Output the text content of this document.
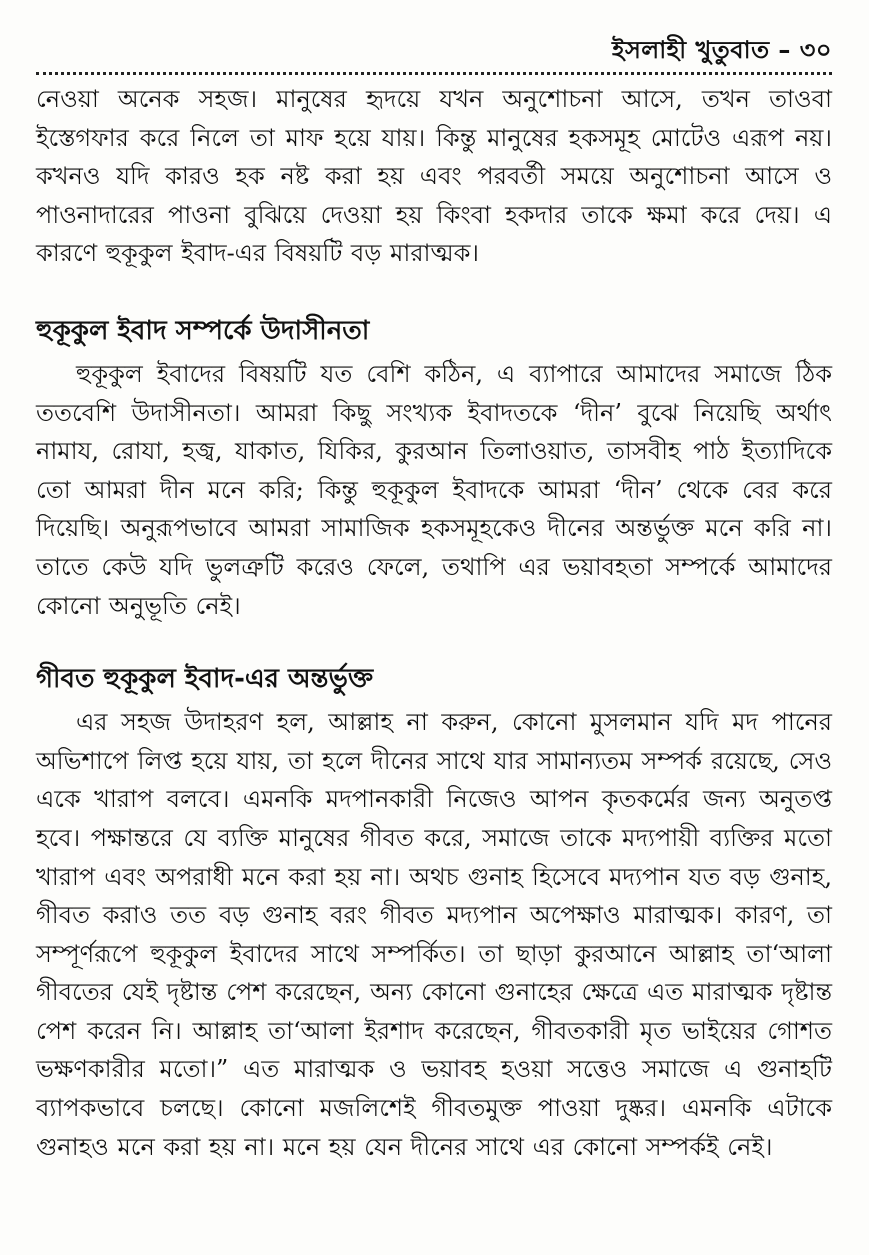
ইসলাহী খুতুবাত – ৩০

নেওয়া অনেক সহজ। মানুষের হৃদয়ে যখন অনুশোচনা আসে, তখন তাওবা ইস্তেগফার করে নিলে তা মাফ হয়ে যায়। কিন্তু মানুষের হকসমূহ মোটেও এরূপ নয়। কখনও যদি কারও হক নষ্ট করা হয় এবং পরবর্তী সময়ে অনুশোচনা আসে ও পাওনাদারের পাওনা বুঝিয়ে দেওয়া হয় কিংবা হকদার তাকে ক্ষমা করে দেয়। এ কারণে হুকূকুল ইবাদ-এর বিষয়টি বড় মারাত্মক।

হুকূকুল ইবাদ সম্পর্কে উদাসীনতা

হুকূকুল ইবাদের বিষয়টি যত বেশি কঠিন, এ ব্যাপারে আমাদের সমাজে ঠিক ততবেশি উদাসীনতা। আমরা কিছু সংখ্যক ইবাদতকে ‘দীন’ বুঝে নিয়েছি অর্থাৎ নামায, রোযা, হজ্ব, যাকাত, যিকির, কুরআন তিলাওয়াত, তাসবীহ পাঠ ইত্যাদিকে তো আমরা দীন মনে করি; কিন্তু হুকূকুল ইবাদকে আমরা ‘দীন’ থেকে বের করে দিয়েছি। অনুরূপভাবে আমরা সামাজিক হকসমূহকেও দীনের অন্তর্ভুক্ত মনে করি না। তাতে কেউ যদি ভুলত্রুটি করেও ফেলে, তথাপি এর ভয়াবহতা সম্পর্কে আমাদের কোনো অনুভূতি নেই।

গীবত হুকূকুল ইবাদ-এর অন্তর্ভুক্ত

এর সহজ উদাহরণ হল, আল্লাহ না করুন, কোনো মুসলমান যদি মদ পানের অভিশাপে লিপ্ত হয়ে যায়, তা হলে দীনের সাথে যার সামান্যতম সম্পর্ক রয়েছে, সেও একে খারাপ বলবে। এমনকি মদপানকারী নিজেও আপন কৃতকর্মের জন্য অনুতপ্ত হবে। পক্ষান্তরে যে ব্যক্তি মানুষের গীবত করে, সমাজে তাকে মদ্যপায়ী ব্যক্তির মতো খারাপ এবং অপরাধী মনে করা হয় না। অথচ গুনাহ হিসেবে মদ্যপান যত বড় গুনাহ, গীবত করাও তত বড় গুনাহ বরং গীবত মদ্যপান অপেক্ষাও মারাত্মক। কারণ, তা সম্পূর্ণরূপে হুকূকুল ইবাদের সাথে সম্পর্কিত। তা ছাড়া কুরআনে আল্লাহ তা‘আলা গীবতের যেই দৃষ্টান্ত পেশ করেছেন, অন্য কোনো গুনাহের ক্ষেত্রে এত মারাত্মক দৃষ্টান্ত পেশ করেন নি। আল্লাহ তা‘আলা ইরশাদ করেছেন, গীবতকারী মৃত ভাইয়ের গোশত ভক্ষণকারীর মতো।” এত মারাত্মক ও ভয়াবহ হওয়া সত্তেও সমাজে এ গুনাহটি ব্যাপকভাবে চলছে। কোনো মজলিশেই গীবতমুক্ত পাওয়া দুষ্কর। এমনকি এটাকে গুনাহও মনে করা হয় না। মনে হয় যেন দীনের সাথে এর কোনো সম্পর্কই নেই।
